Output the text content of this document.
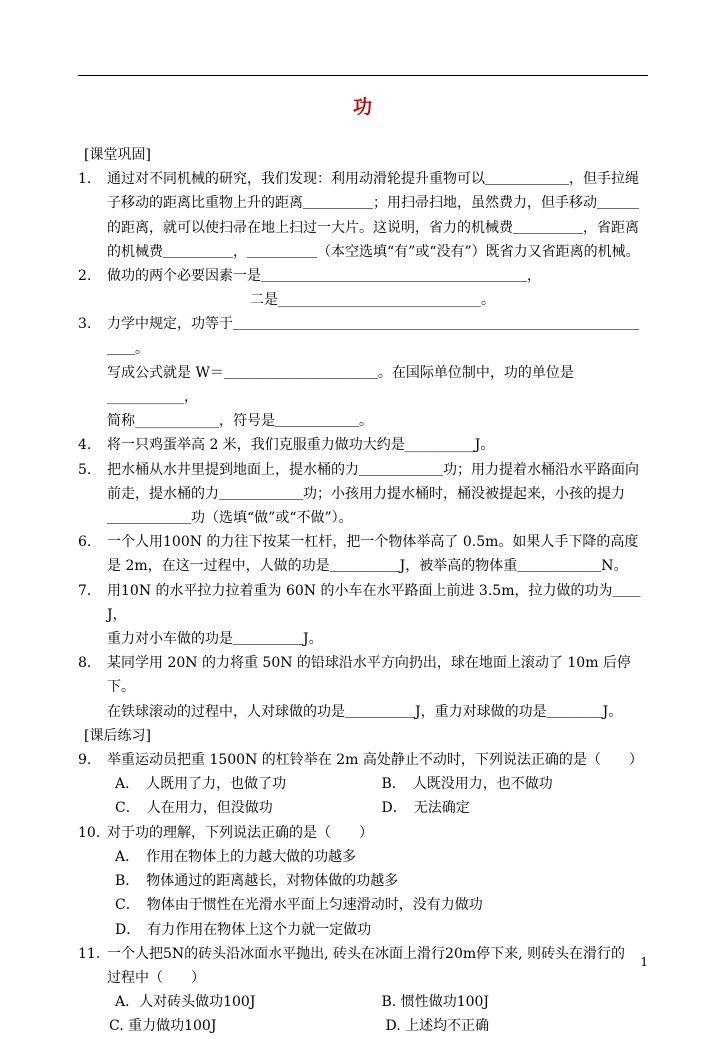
功

[课堂巩固]

1. 通过对不同机械的研究，我们发现：利用动滑轮提升重物可以＿＿＿＿＿＿，但手拉绳
子移动的距离比重物上升的距离＿＿＿＿＿；用扫帚扫地，虽然费力，但手移动＿＿＿
的距离，就可以使扫帚在地上扫过一大片。这说明，省力的机械费＿＿＿＿＿，省距离
的机械费＿＿＿＿＿，＿＿＿＿＿（本空选填“有”或“没有”）既省力又省距离的机械。
2. 做功的两个必要因素一是＿＿＿＿＿＿＿＿＿＿＿＿＿＿＿＿＿＿＿，
二是_____________________________。
3. 力学中规定，功等于＿＿＿＿＿＿＿＿＿＿＿＿＿＿＿＿＿＿＿＿＿＿＿＿＿＿＿＿＿＿＿。
写成公式就是 W＝＿＿＿＿＿＿＿＿＿＿＿。在国际单位制中，功的单位是___________，
简称____________，符号是＿＿＿＿＿＿。
4. 将一只鸡蛋举高 2 米，我们克服重力做功大约是__________J。
5. 把水桶从水井里提到地面上，提水桶的力＿＿＿＿＿＿功；用力提着水桶沿水平路面向
前走，提水桶的力＿＿＿＿＿＿功；小孩用力提水桶时，桶没被提起来，小孩的提力
＿＿＿＿＿＿功（选填“做”或“不做”）。
6. 一个人用100N 的力往下按某一杠杆，把一个物体举高了 0.5m。如果人手下降的高度
是 2m，在这一过程中，人做的功是＿＿＿＿＿J，被举高的物体重＿＿＿＿＿＿N。
7. 用10N 的水平拉力拉着重为 60N 的小车在水平路面上前进 3.5m，拉力做的功为＿＿J，
重力对小车做的功是＿＿＿＿＿J。
8. 某同学用 20N 的力将重 50N 的铅球沿水平方向扔出，球在地面上滚动了 10m 后停下。
在铁球滚动的过程中，人对球做的功是＿＿＿＿＿J，重力对球做的功是＿＿＿＿J。

[课后练习]

9. 举重运动员把重 1500N 的杠铃举在 2m 高处静止不动时，下列说法正确的是（　　）
A．　人既用了力，也做了功	B．　人既没用力，也不做功
C．　人在用力，但没做功	D．　无法确定
10. 对于功的理解，下列说法正确的是（　　）
A．　作用在物体上的力越大做的功越多
B．　物体通过的距离越长，对物体做的功越多
C．　物体由于惯性在光滑水平面上匀速滑动时，没有力做功
D．　有力作用在物体上这个力就一定做功
11. 一个人把5N的砖头沿冰面水平抛出, 砖头在冰面上滑行20m停下来, 则砖头在滑行的
过程中（　　）
A．人对砖头做功100J	B. 惯性做功100J
C. 重力做功100J	D. 上述均不正确
1
